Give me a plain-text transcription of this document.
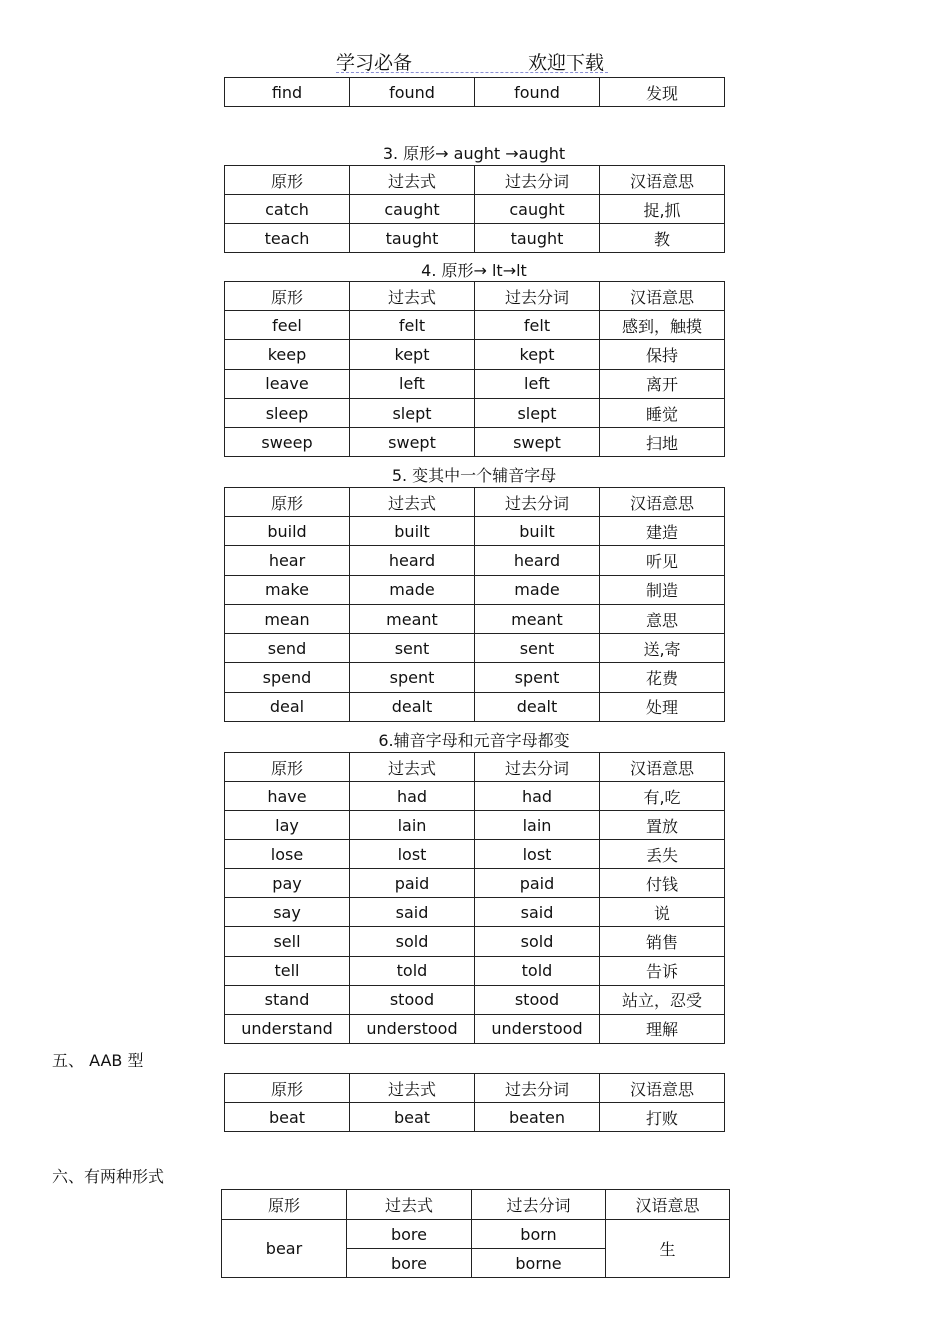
学习必备	欢迎下载
find	found	found	发现
3. 原形→ aught →aught
原形	过去式	过去分词	汉语意思
catch	caught	caught	捉,抓
teach	taught	taught	教
4. 原形→ lt→lt
原形	过去式	过去分词	汉语意思
feel	felt	felt	感到，触摸
keep	kept	kept	保持
leave	left	left	离开
sleep	slept	slept	睡觉
sweep	swept	swept	扫地
5. 变其中一个辅音字母
原形	过去式	过去分词	汉语意思
build	built	built	建造
hear	heard	heard	听见
make	made	made	制造
mean	meant	meant	意思
send	sent	sent	送,寄
spend	spent	spent	花费
deal	dealt	dealt	处理
6.辅音字母和元音字母都变
原形	过去式	过去分词	汉语意思
have	had	had	有,吃
lay	lain	lain	置放
lose	lost	lost	丢失
pay	paid	paid	付钱
say	said	said	说
sell	sold	sold	销售
tell	told	told	告诉
stand	stood	stood	站立，忍受
understand	understood	understood	理解
五、 AAB 型
原形	过去式	过去分词	汉语意思
beat	beat	beaten	打败
六、有两种形式
原形	过去式	过去分词	汉语意思
bear	bore	born	生
	bore	borne	
